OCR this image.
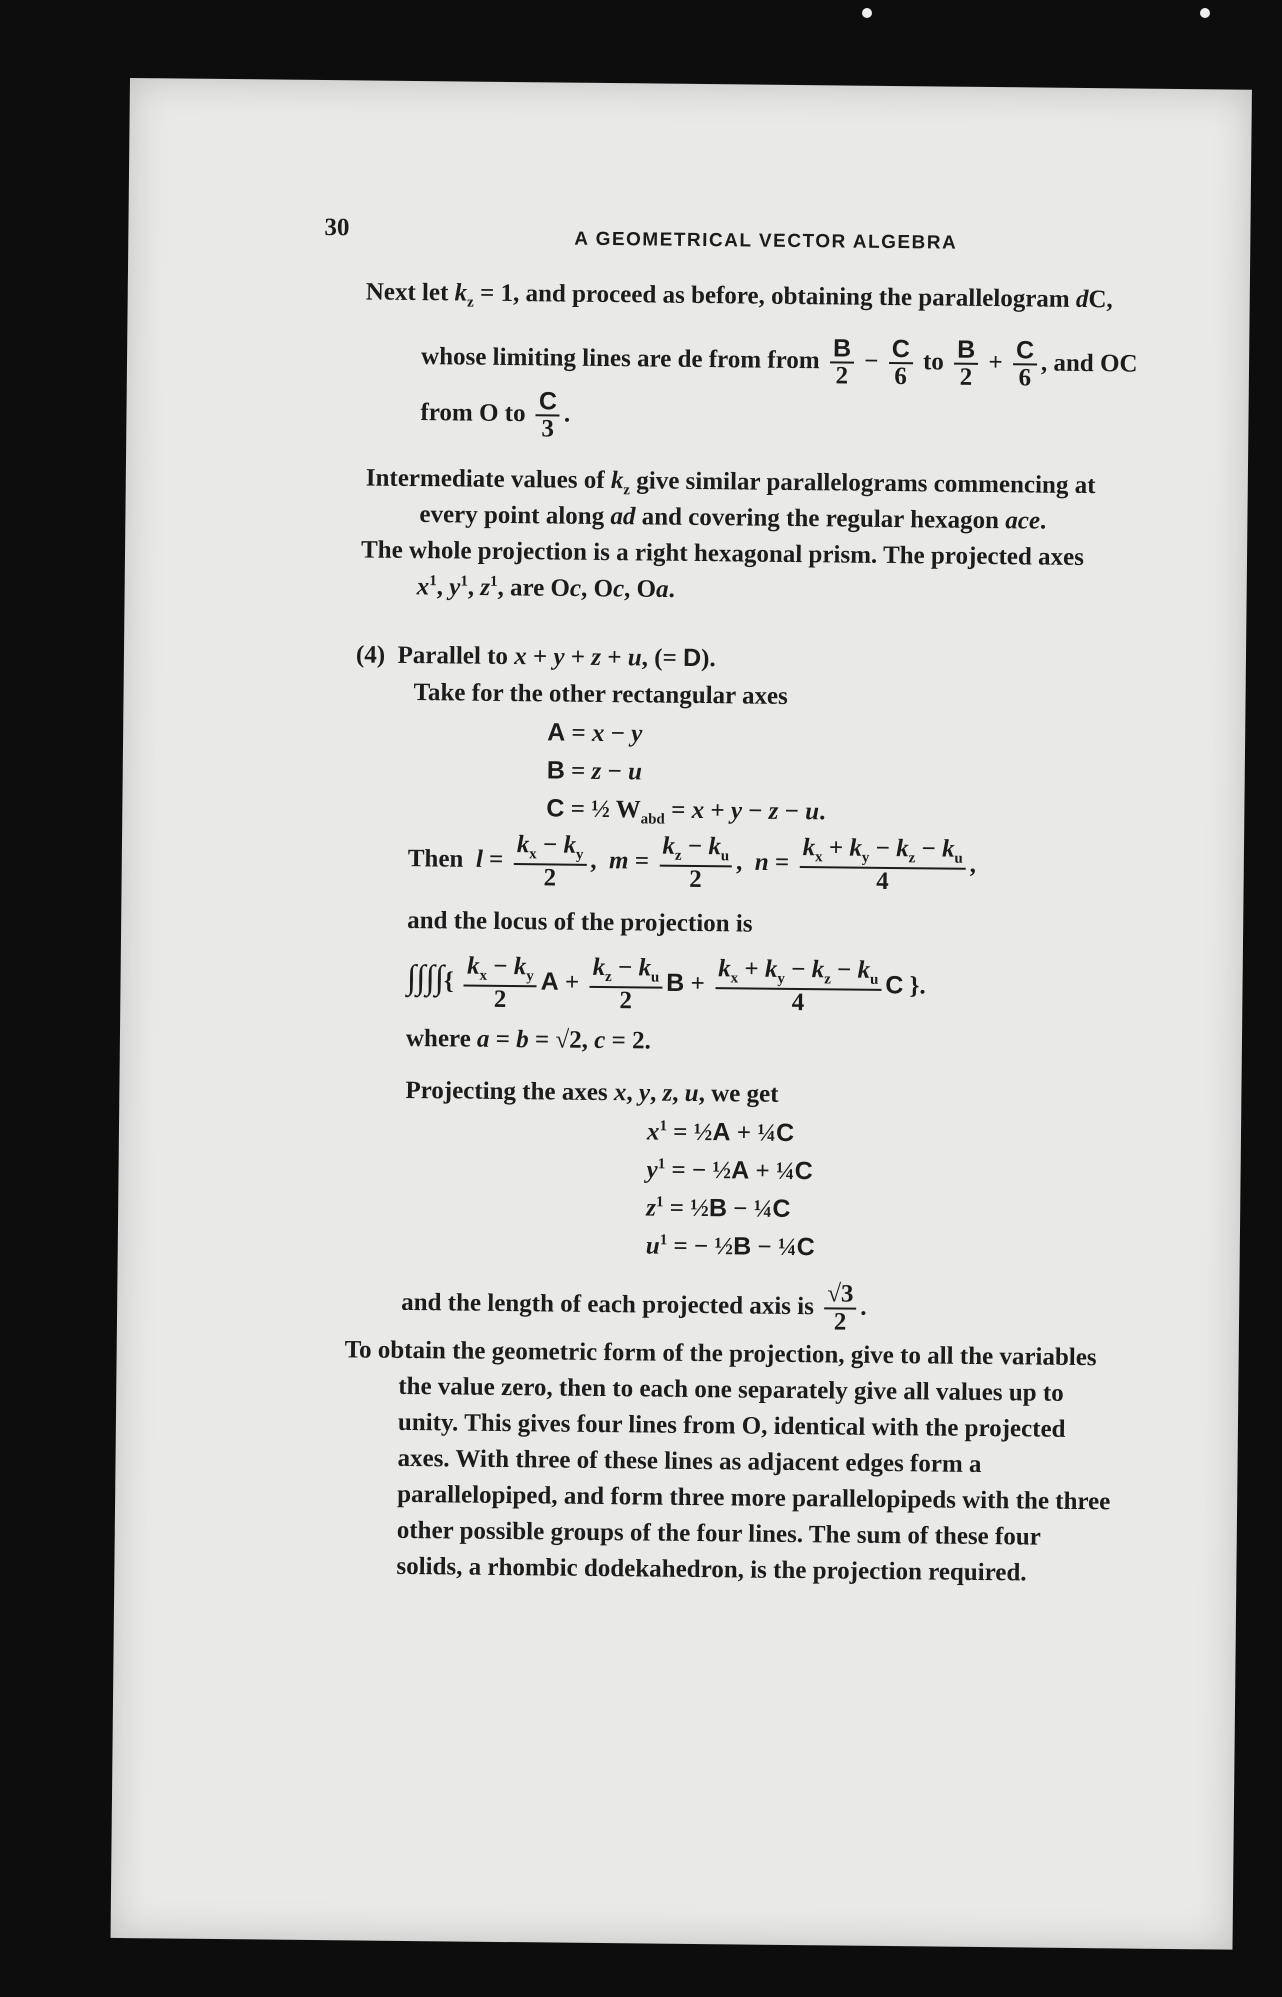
30	A GEOMETRICAL VECTOR ALGEBRA
Next let $k_z = 1$, and proceed as before, obtaining the parallelogram dC,
whose limiting lines are de from from $\frac{B}{2} - \frac{C}{6}$ to $\frac{B}{2} + \frac{C}{6}$ , and OC
from O to $\frac{C}{3}$ .
Intermediate values of $k_z$ give similar parallelograms commencing at
every point along ad and covering the regular hexagon ace.
The whole projection is a right hexagonal prism. The projected axes
$x^1$, $y^1$, $z^1$, are Oc, Oc, Oa.
(4)  Parallel to x + y + z + u, (= D).
Take for the other rectangular axes
A = x − y
B = z − u
C = ½ $W_{abd} = x + y - z - u$.
Then $l = \frac{k_x - k_y}{2}$ ,  $m = \frac{k_z - k_u}{2}$ ,  $n = \frac{k_x + k_y - k_z - k_u}{4}$ ,
and the locus of the projection is
∫∫∫∫{ $\frac{k_x - k_y}{2}$ $A + \frac{k_z - k_u}{2}$ $B + \frac{k_x + k_y - k_z - k_u}{4}$ C }.
where a = b = √2, c = 2.
Projecting the axes x, y, z, u, we get
$x^1$ = ½A + ¼C
$y^1$ = − ½A + ¼C
$z^1$ = ½B − ¼C
$u^1$ = − ½B − ¼C
and the length of each projected axis is $\frac{√3}{2}$ .
To obtain the geometric form of the projection, give to all the variables
the value zero, then to each one separately give all values up to
unity. This gives four lines from O, identical with the projected
axes. With three of these lines as adjacent edges form a
parallelopiped, and form three more parallelopipeds with the three
other possible groups of the four lines. The sum of these four
solids, a rhombic dodekahedron, is the projection required.
